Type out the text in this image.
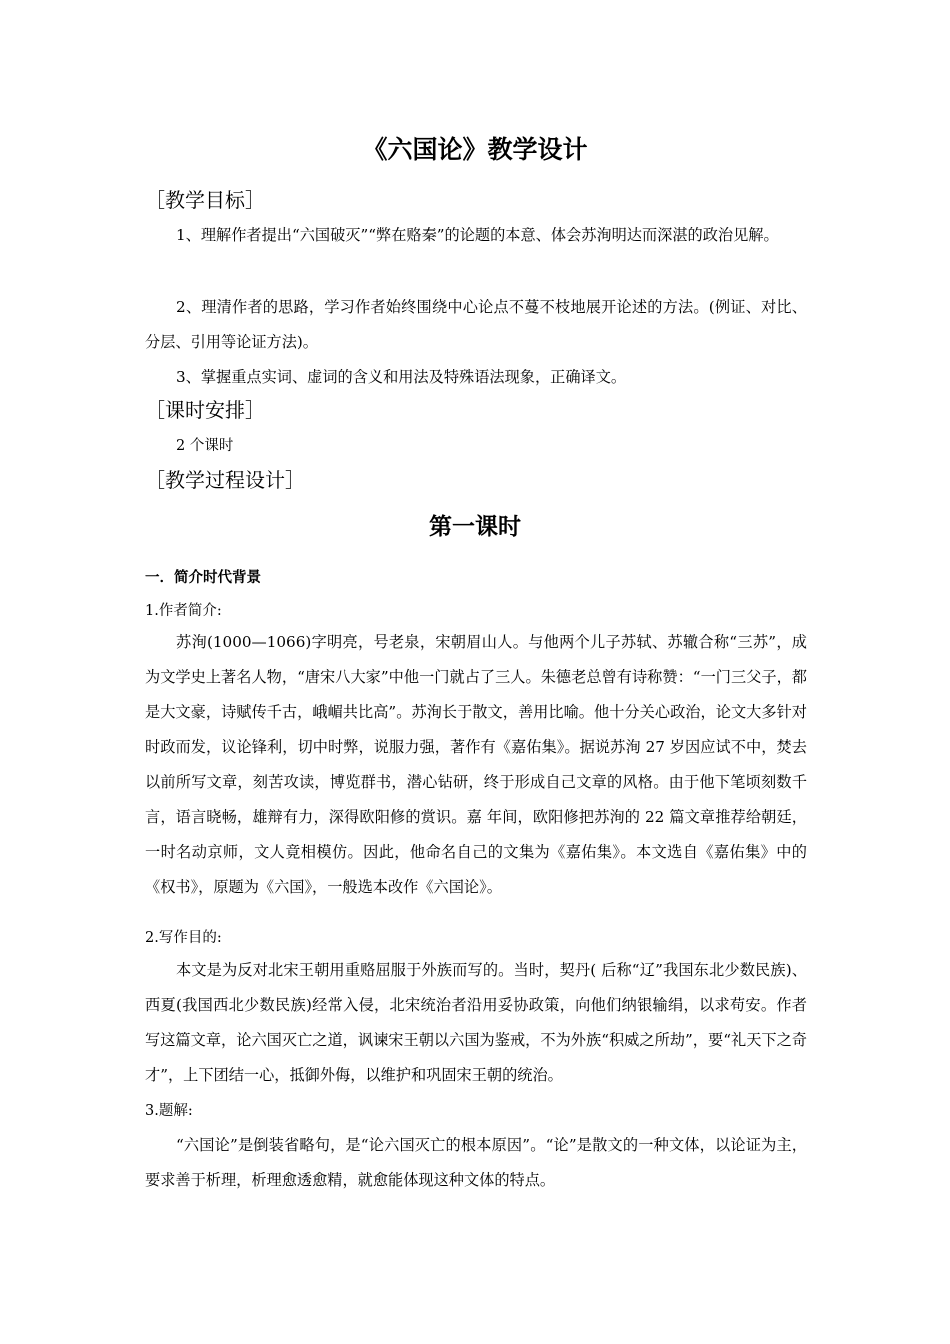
《六国论》教学设计
［教学目标］

1、理解作者提出“六国破灭”“弊在赂秦”的论题的本意、体会苏洵明达而深湛的政治见解。

2、理清作者的思路，学习作者始终围绕中心论点不蔓不枝地展开论述的方法。(例证、对比、分层、引用等论证方法)。

3、掌握重点实词、虚词的含义和用法及特殊语法现象，正确译文。

［课时安排］
2 个课时
［教学过程设计］
第一课时
一．简介时代背景
1.作者简介:

苏洵(1000—1066)字明亮，号老泉，宋朝眉山人。与他两个儿子苏轼、苏辙合称“三苏”，成为文学史上著名人物，“唐宋八大家”中他一门就占了三人。朱德老总曾有诗称赞：“一门三父子，都是大文豪，诗赋传千古，峨嵋共比高”。苏洵长于散文，善用比喻。他十分关心政治，论文大多针对时政而发，议论锋利，切中时弊，说服力强，著作有《嘉佑集》。据说苏洵 27 岁因应试不中，焚去以前所写文章，刻苦攻读，博览群书，潜心钻研，终于形成自己文章的风格。由于他下笔顷刻数千言，语言晓畅，雄辩有力，深得欧阳修的赏识。嘉 年间，欧阳修把苏洵的 22 篇文章推荐给朝廷，一时名动京师，文人竟相模仿。因此，他命名自己的文集为《嘉佑集》。本文选自《嘉佑集》中的《权书》，原题为《六国》，一般选本改作《六国论》。

2.写作目的:

本文是为反对北宋王朝用重赂屈服于外族而写的。当时，契丹( 后称“辽”我国东北少数民族)、西夏(我国西北少数民族)经常入侵，北宋统治者沿用妥协政策，向他们纳银输绢，以求苟安。作者写这篇文章，论六国灭亡之道，讽谏宋王朝以六国为鉴戒，不为外族“积威之所劫”，要“礼天下之奇才”，上下团结一心，抵御外侮，以维护和巩固宋王朝的统治。

3.题解:

“六国论”是倒装省略句，是“论六国灭亡的根本原因”。“论”是散文的一种文体，以论证为主，要求善于析理，析理愈透愈精，就愈能体现这种文体的特点。
